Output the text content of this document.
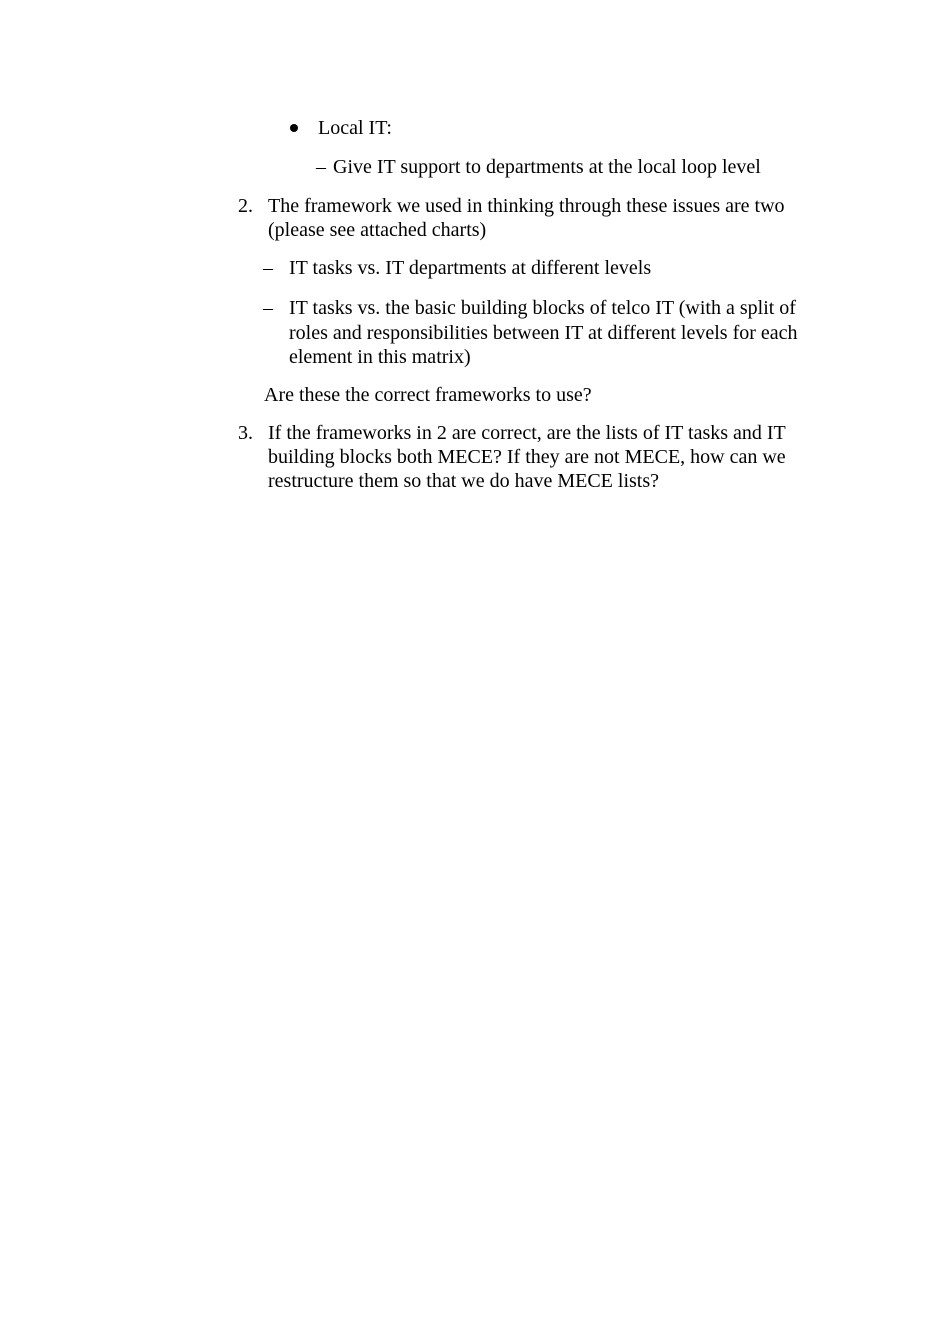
Local IT:
– Give IT support to departments at the local loop level
2. The framework we used in thinking through these issues are two
(please see attached charts)
– IT tasks vs. IT departments at different levels
– IT tasks vs. the basic building blocks of telco IT (with a split of
roles and responsibilities between IT at different levels for each
element in this matrix)
Are these the correct frameworks to use?
3. If the frameworks in 2 are correct, are the lists of IT tasks and IT
building blocks both MECE? If they are not MECE, how can we
restructure them so that we do have MECE lists?
